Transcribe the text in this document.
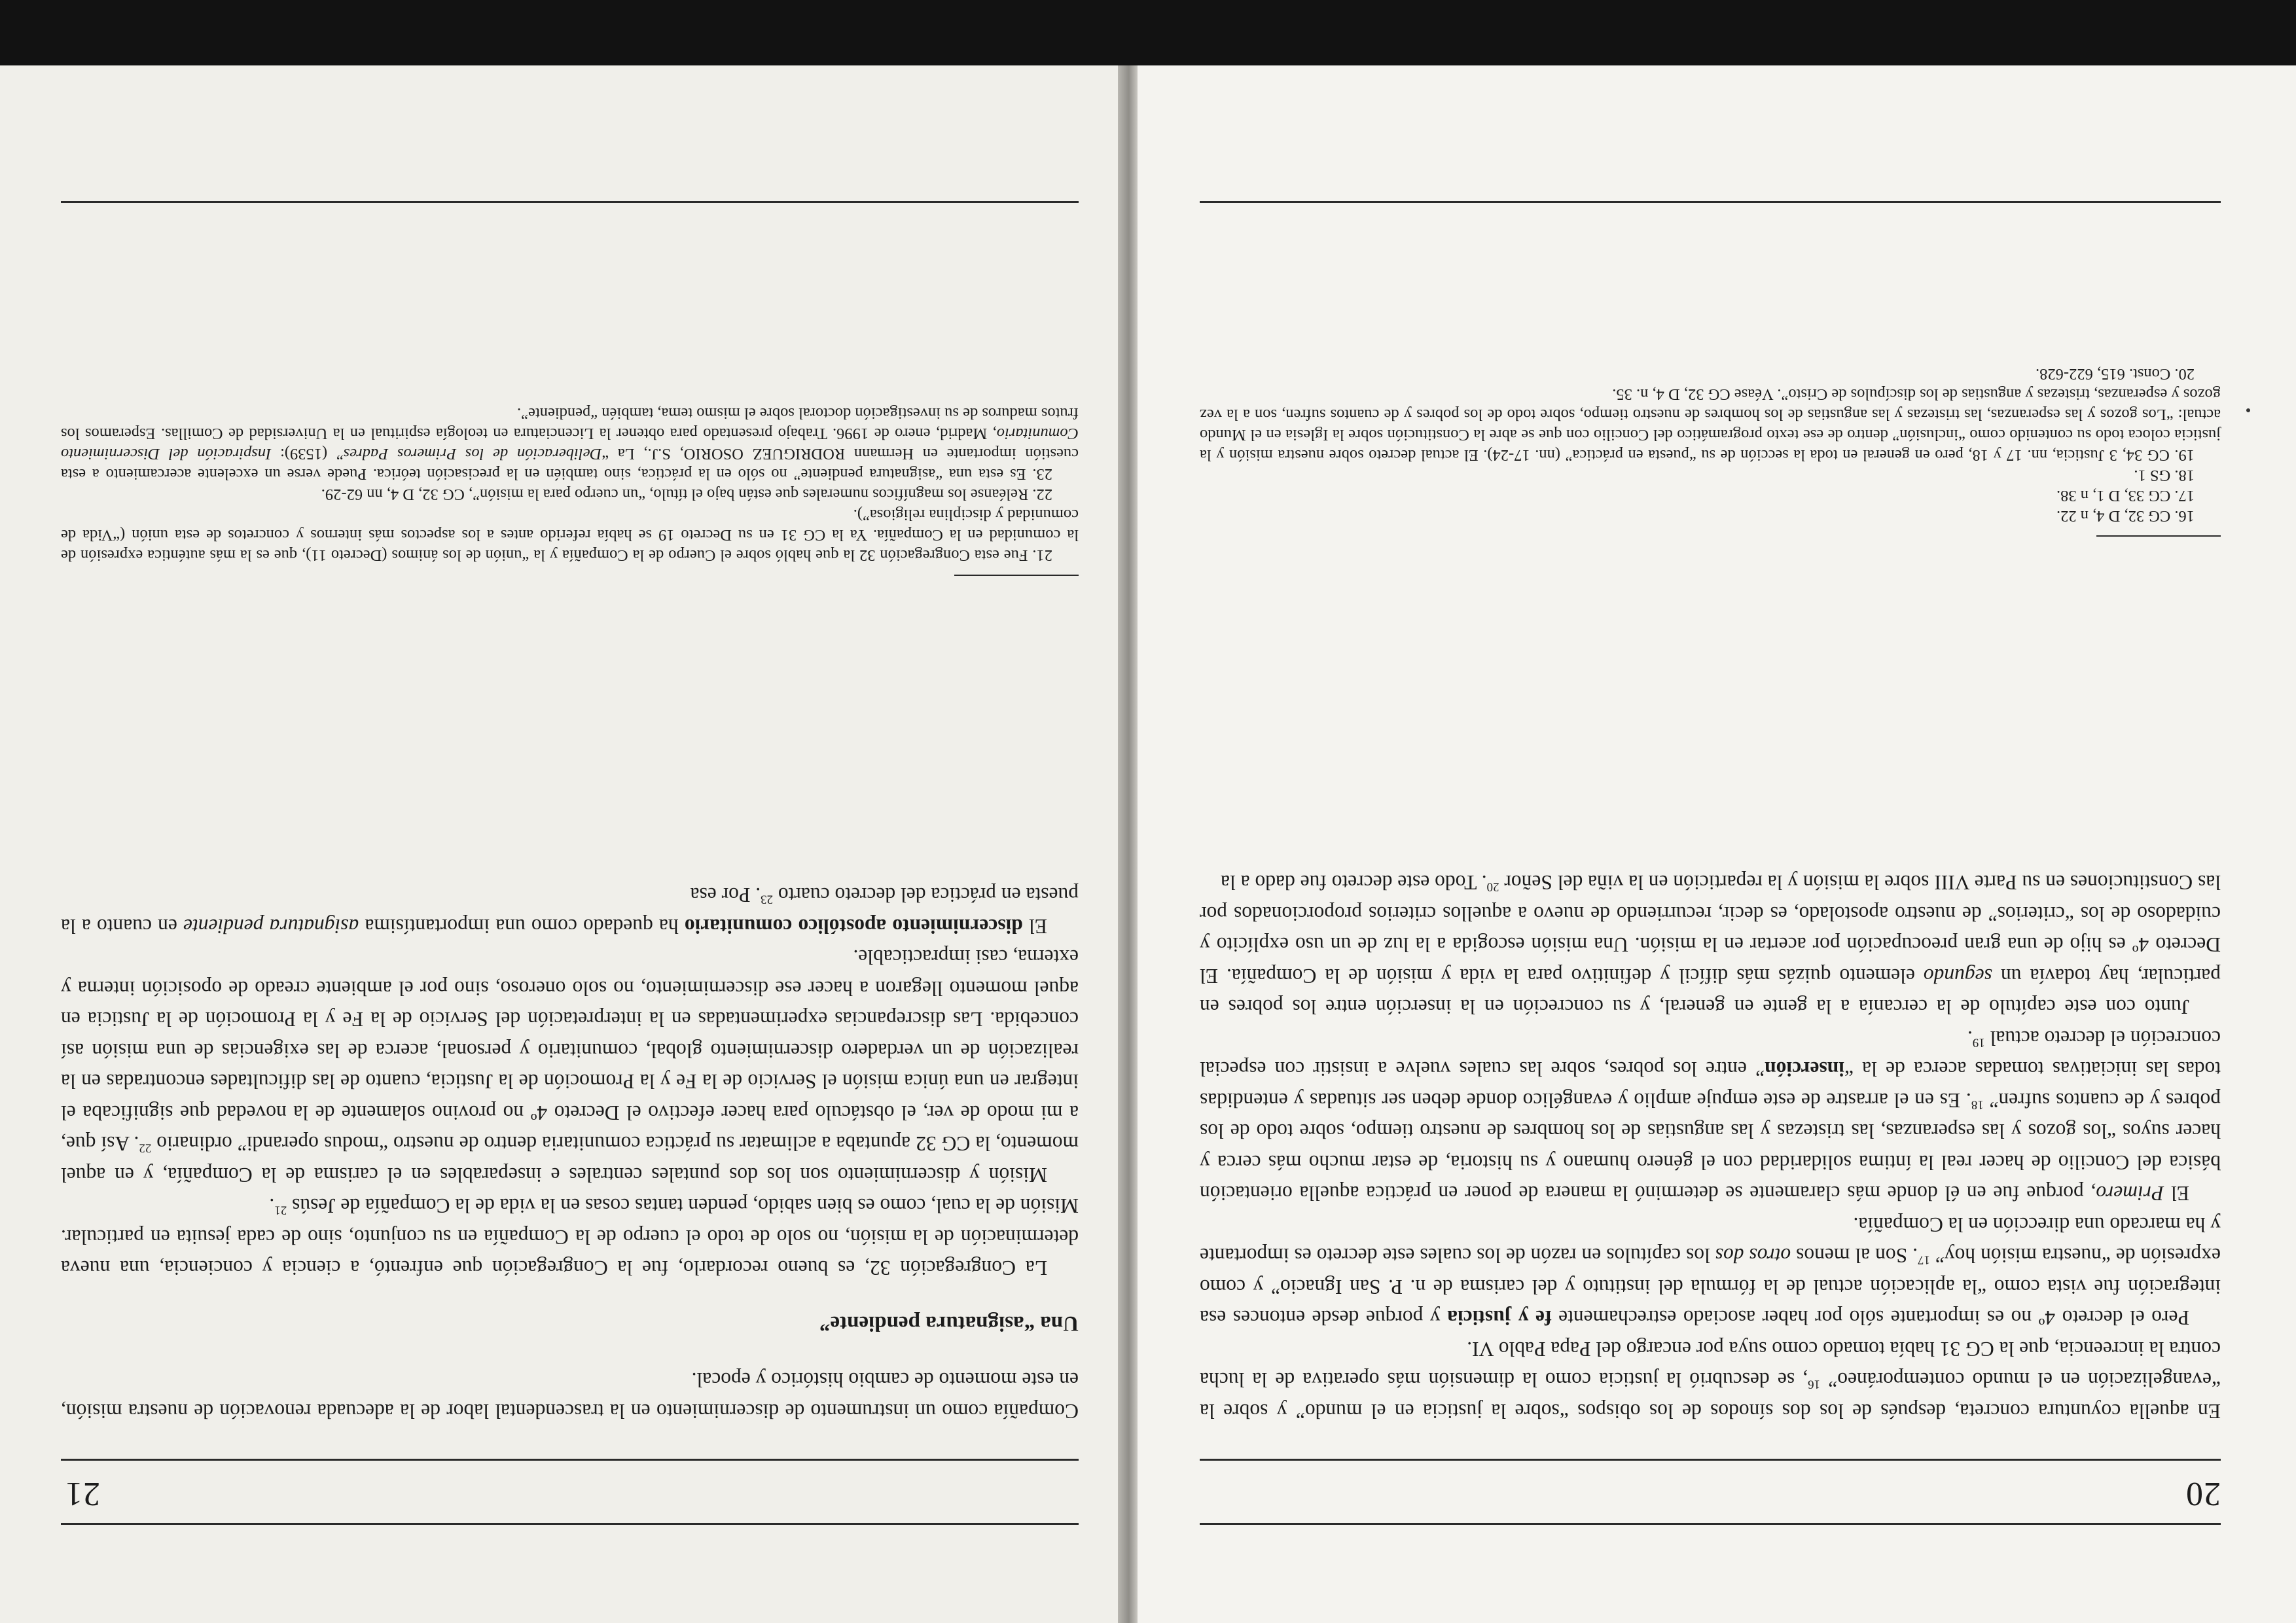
20

En aquella coyuntura concreta, después de los dos sínodos de los obispos “sobre la justicia en el mundo” y sobre la “evangelización en el mundo contemporáneo” $^{16}$, se descubrió la justicia como la dimensión más operativa de la lucha contra la increencia, que la CG 31 había tomado como suya por encargo del Papa Pablo VI.

Pero el decreto 4º no es importante sólo por haber asociado estrechamente fe y justicia y porque desde entonces esa integración fue vista como “la aplicación actual de la fórmula del instituto y del carisma de n. P. San Ignacio” y como expresión de “nuestra misión hoy” $^{17}$. Son al menos otros dos los capítulos en razón de los cuales este decreto es importante y ha marcado una dirección en la Compañía.

El Primero, porque fue en él donde más claramente se determinó la manera de poner en práctica aquella orientación básica del Concilio de hacer real la íntima solidaridad con el género humano y su historia, de estar mucho más cerca y hacer suyos “los gozos y las esperanzas, las tristezas y las angustias de los hombres de nuestro tiempo, sobre todo de los pobres y de cuantos sufren” $^{18}$. Es en el arrastre de este empuje amplio y evangélico donde deben ser situadas y entendidas todas las iniciativas tomadas acerca de la “inserción” entre los pobres, sobre las cuales vuelve a insistir con especial concreción el decreto actual $^{19}$.

Junto con este capítulo de la cercanía a la gente en general, y su concreción en la inserción entre los pobres en particular, hay todavía un segundo elemento quizás más difícil y definitivo para la vida y misión de la Compañía. El Decreto 4º es hijo de una gran preocupación por acertar en la misión. Una misión escogida a la luz de un uso explícito y cuidadoso de los “criterios” de nuestro apostolado, es decir, recurriendo de nuevo a aquellos criterios proporcionados por las Constituciones en su Parte VIII sobre la misión y la repartición en la viña del Señor $^{20}$. Todo este decreto fue dado a la

16. CG 32, D 4, n 22.

17. CG 33, D 1, n 38.

18. GS 1.

19. CG 34, 3 Justicia, nn. 17 y 18, pero en general en toda la sección de su “puesta en práctica” (nn. 17-24). El actual decreto sobre nuestra misión y la justicia coloca todo su contenido como “inclusión” dentro de ese texto programático del Concilio con que se abre la Constitución sobre la Iglesia en el Mundo actual: “Los gozos y las esperanzas, las tristezas y las angustias de los hombres de nuestro tiempo, sobre todo de los pobres y de cuantos sufren, son a la vez gozos y esperanzas, tristezas y angustias de los discípulos de Cristo”. Véase CG 32, D 4, n. 35.

20. Const. 615, 622-628.

21

Compañía como un instrumento de discernimiento en la trascendental labor de la adecuada renovación de nuestra misión, en este momento de cambio histórico y epocal.

Una “asignatura pendiente”

La Congregación 32, es bueno recordarlo, fue la Congregación que enfrentó, a ciencia y conciencia, una nueva determinación de la misión, no solo de todo el cuerpo de la Compañía en su conjunto, sino de cada jesuita en particular. Misión de la cual, como es bien sabido, penden tantas cosas en la vida de la Compañía de Jesús $^{21}$.

Misión y discernimiento son los dos puntales centrales e inseparables en el carisma de la Compañía, y en aquel momento, la CG 32 apuntaba a aclimatar su práctica comunitaria dentro de nuestro “modus operandi” ordinario $^{22}$. Así que, a mi modo de ver, el obstáculo para hacer efectivo el Decreto 4º no provino solamente de la novedad que significaba el integrar en una única misión el Servicio de la Fe y la Promoción de la Justicia, cuanto de las dificultades encontradas en la realización de un verdadero discernimiento global, comunitario y personal, acerca de las exigencias de una misión así concebida. Las discrepancias experimentadas en la interpretación del Servicio de la Fe y la Promoción de la Justicia en aquel momento llegaron a hacer ese discernimiento, no solo oneroso, sino por el ambiente creado de oposición interna y externa, casi impracticable.

El discernimiento apostólico comunitario ha quedado como una importantísima asignatura pendiente en cuanto a la puesta en práctica del decreto cuarto $^{23}$. Por esa

21. Fue esta Congregación 32 la que habló sobre el Cuerpo de la Compañía y la “unión de los ánimos (Decreto 11), que es la más auténtica expresión de la comunidad en la Compañía. Ya la CG 31 en su Decreto 19 se había referido antes a los aspectos más internos y concretos de esta unión (“Vida de comunidad y disciplina religiosa”).

22. Reléanse los magníficos numerales que están bajo el título, “un cuerpo para la misión”, CG 32, D 4, nn 62-29.

23. Es esta una “asignatura pendiente” no sólo en la práctica, sino también en la precisación teórica. Puede verse un excelente acercamiento a esta cuestión importante en Hermann RODRIGUEZ OSORIO, S.J., La “Deliberación de los Primeros Padres” (1539): Inspiración del Discernimiento Comunitario, Madrid, enero de 1996. Trabajo presentado para obtener la Licenciatura en teología espiritual en la Universidad de Comillas. Esperamos los frutos maduros de su investigación doctoral sobre el mismo tema, también “pendiente”.
